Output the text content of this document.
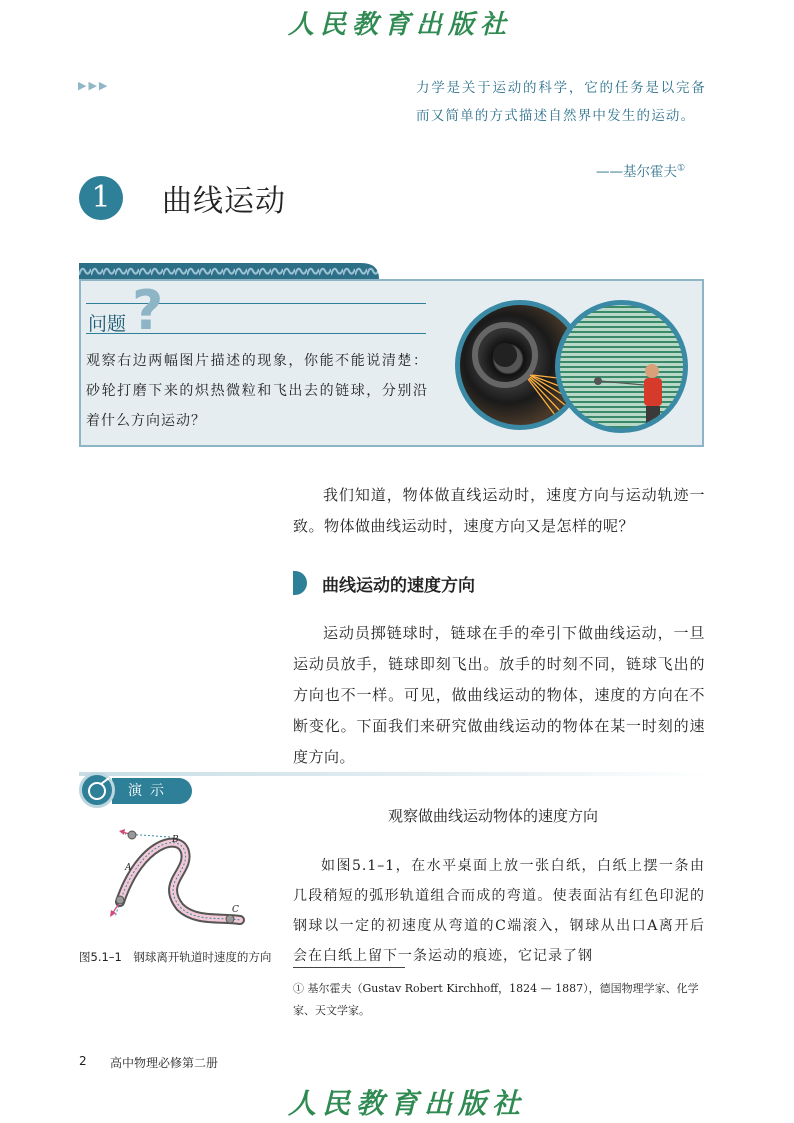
人民教育出版社
▶▶▶	力学是关于运动的科学，它的任务是以完备而又简单的方式描述自然界中发生的运动。
——基尔霍夫①
1	曲线运动
?
问题
观察右边两幅图片描述的现象，你能不能说清楚：砂轮打磨下来的炽热微粒和飞出去的链球，分别沿着什么方向运动？
我们知道，物体做直线运动时，速度方向与运动轨迹一致。物体做曲线运动时，速度方向又是怎样的呢？
曲线运动的速度方向
运动员掷链球时，链球在手的牵引下做曲线运动，一旦运动员放手，链球即刻飞出。放手的时刻不同，链球飞出的方向也不一样。可见，做曲线运动的物体，速度的方向在不断变化。下面我们来研究做曲线运动的物体在某一时刻的速度方向。
演示
观察做曲线运动物体的速度方向
如图5.1–1，在水平桌面上放一张白纸，白纸上摆一条由几段稍短的弧形轨道组合而成的弯道。使表面沾有红色印泥的钢球以一定的初速度从弯道的C端滚入，钢球从出口A离开后会在白纸上留下一条运动的痕迹，它记录了钢
A
B
C
图5.1–1　钢球离开轨道时速度的方向
① 基尔霍夫（Gustav Robert Kirchhoff，1824 — 1887），德国物理学家、化学家、天文学家。
2 高中物理必修第二册
人民教育出版社
